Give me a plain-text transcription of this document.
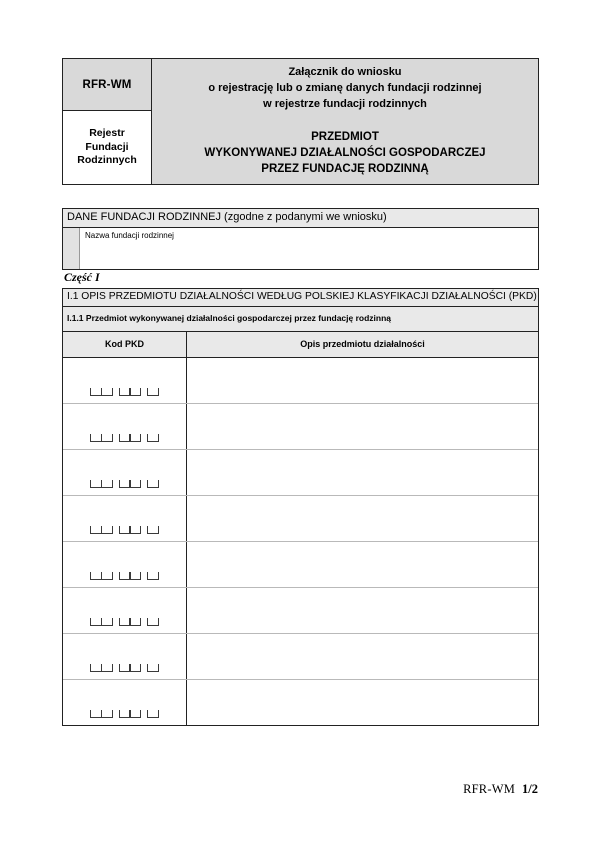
RFR-WM	
Załącznik do wniosku
o rejestrację lub o zmianę danych fundacji rodzinnej
w rejestrze fundacji rodzinnych
PRZEDMIOT
WYKONYWANEJ DZIAŁALNOŚCI GOSPODARCZEJ
PRZEZ FUNDACJĘ RODZINNĄ

Rejestr
Fundacji
Rodzinnych
DANE FUNDACJI RODZINNEJ (zgodne z podanymi we wniosku)
Nazwa fundacji rodzinnej
Część I
I.1 OPIS PRZEDMIOTU DZIAŁALNOŚCI WEDŁUG POLSKIEJ KLASYFIKACJI DZIAŁALNOŚCI (PKD)
I.1.1 Przedmiot wykonywanej działalności gospodarczej przez fundację rodzinną
Kod PKD	Opis przedmiotu działalności

RFR-WM 1/2
